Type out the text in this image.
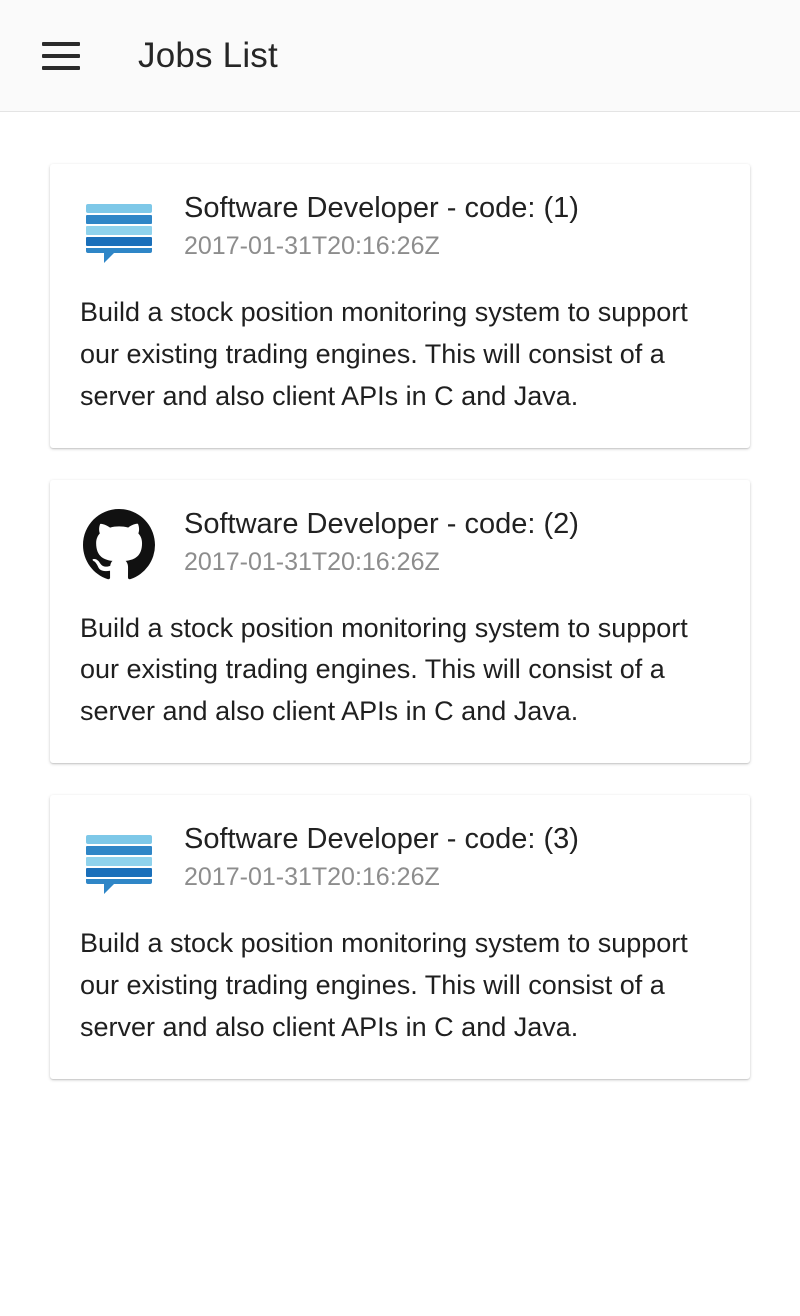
Jobs List
Software Developer - code: (1)
2017-01-31T20:16:26Z
Build a stock position monitoring system to support our existing trading engines. This will consist of a server and also client APIs in C and Java.
Software Developer - code: (2)
2017-01-31T20:16:26Z
Build a stock position monitoring system to support our existing trading engines. This will consist of a server and also client APIs in C and Java.
Software Developer - code: (3)
2017-01-31T20:16:26Z
Build a stock position monitoring system to support our existing trading engines. This will consist of a server and also client APIs in C and Java.
